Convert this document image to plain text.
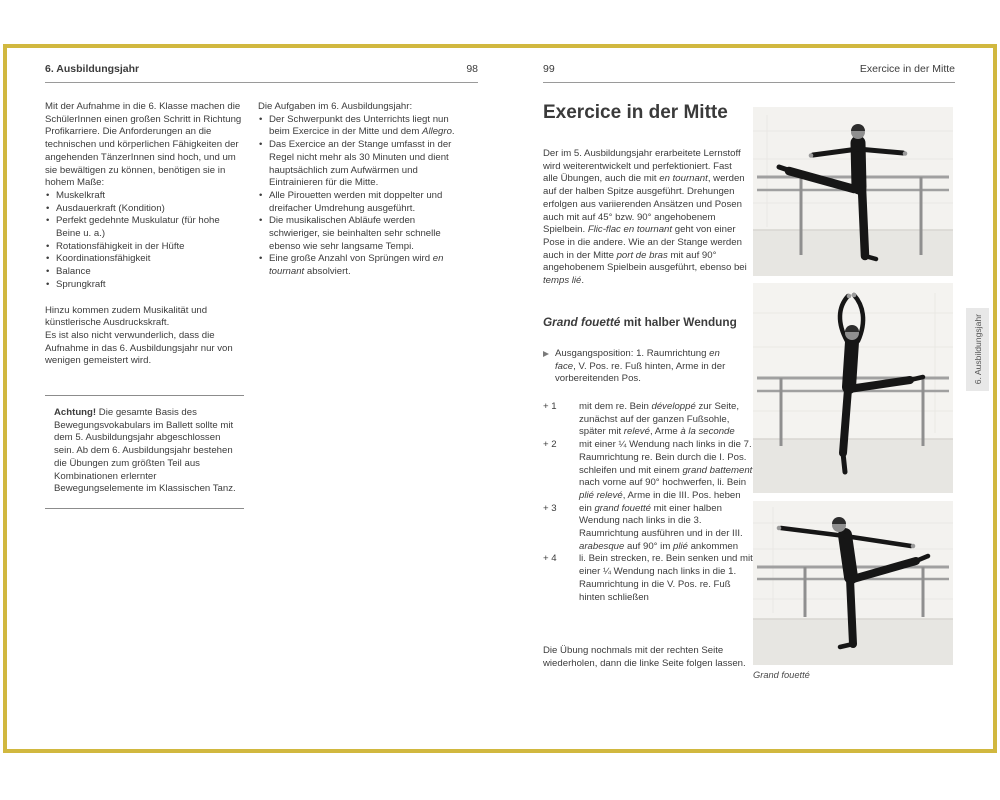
6. Ausbildungsjahr	98

Mit der Aufnahme in die 6. Klasse machen die SchülerInnen einen großen Schritt in Richtung Profikarriere. Die Anforderungen an die technischen und körperlichen Fähigkeiten der angehenden TänzerInnen sind hoch, und um sie bewältigen zu können, benötigen sie in hohem Maße:

• Muskelkraft
• Ausdauerkraft (Kondition)
• Perfekt gedehnte Muskulatur (für hohe Beine u. a.)
• Rotationsfähigkeit in der Hüfte
• Koordinationsfähigkeit
• Balance
• Sprungkraft

Hinzu kommen zudem Musikalität und künstlerische Ausdruckskraft.

Es ist also nicht verwunderlich, dass die Aufnahme in das 6. Ausbildungsjahr nur von wenigen gemeistert wird.

Achtung! Die gesamte Basis des Bewegungsvokabulars im Ballett sollte mit dem 5. Ausbildungsjahr abgeschlossen sein. Ab dem 6. Ausbildungsjahr bestehen die Übungen zum größten Teil aus Kombinationen erlernter Bewegungselemente im Klassischen Tanz.

Die Aufgaben im 6. Ausbildungsjahr:

• Der Schwerpunkt des Unterrichts liegt nun beim Exercice in der Mitte und dem Allegro.
• Das Exercice an der Stange umfasst in der Regel nicht mehr als 30 Minuten und dient hauptsächlich zum Aufwärmen und Eintrainieren für die Mitte.
• Alle Pirouetten werden mit doppelter und dreifacher Umdrehung ausgeführt.
• Die musikalischen Abläufe werden schwieriger, sie beinhalten sehr schnelle ebenso wie sehr langsame Tempi.
• Eine große Anzahl von Sprüngen wird en tournant absolviert.
99	Exercice in der Mitte
Exercice in der Mitte

Der im 5. Ausbildungsjahr erarbeitete Lernstoff wird weiterentwickelt und perfektioniert. Fast alle Übungen, auch die mit en tournant, werden auf der halben Spitze ausgeführt. Drehungen erfolgen aus variierenden Ansätzen und Posen auch mit auf 45° bzw. 90° angehobenem Spielbein. Flic-flac en tournant geht von einer Pose in die andere. Wie an der Stange werden auch in der Mitte port de bras mit auf 90° angehobenem Spielbein ausgeführt, ebenso bei temps lié.

Grand fouetté mit halber Wendung

Ausgangsposition: 1. Raumrichtung en face, V. Pos. re. Fuß hinten, Arme in der vorbereitenden Pos.

+ 1	mit dem re. Bein développé zur Seite, zunächst auf der ganzen Fußsohle, später mit relevé, Arme à la seconde
+ 2	mit einer ¼ Wendung nach links in die 7. Raumrichtung re. Bein durch die I. Pos. schleifen und mit einem grand battement nach vorne auf 90° hochwerfen, li. Bein plié relevé, Arme in die III. Pos. heben
+ 3	ein grand fouetté mit einer halben Wendung nach links in die 3. Raumrichtung ausführen und in der III. arabesque auf 90° im plié ankommen
+ 4	li. Bein strecken, re. Bein senken und mit einer ¼ Wendung nach links in die 1. Raumrichtung in die V. Pos. re. Fuß hinten schließen

Die Übung nochmals mit der rechten Seite wiederholen, dann die linke Seite folgen lassen.

Grand fouetté
6. Ausbildungsjahr
